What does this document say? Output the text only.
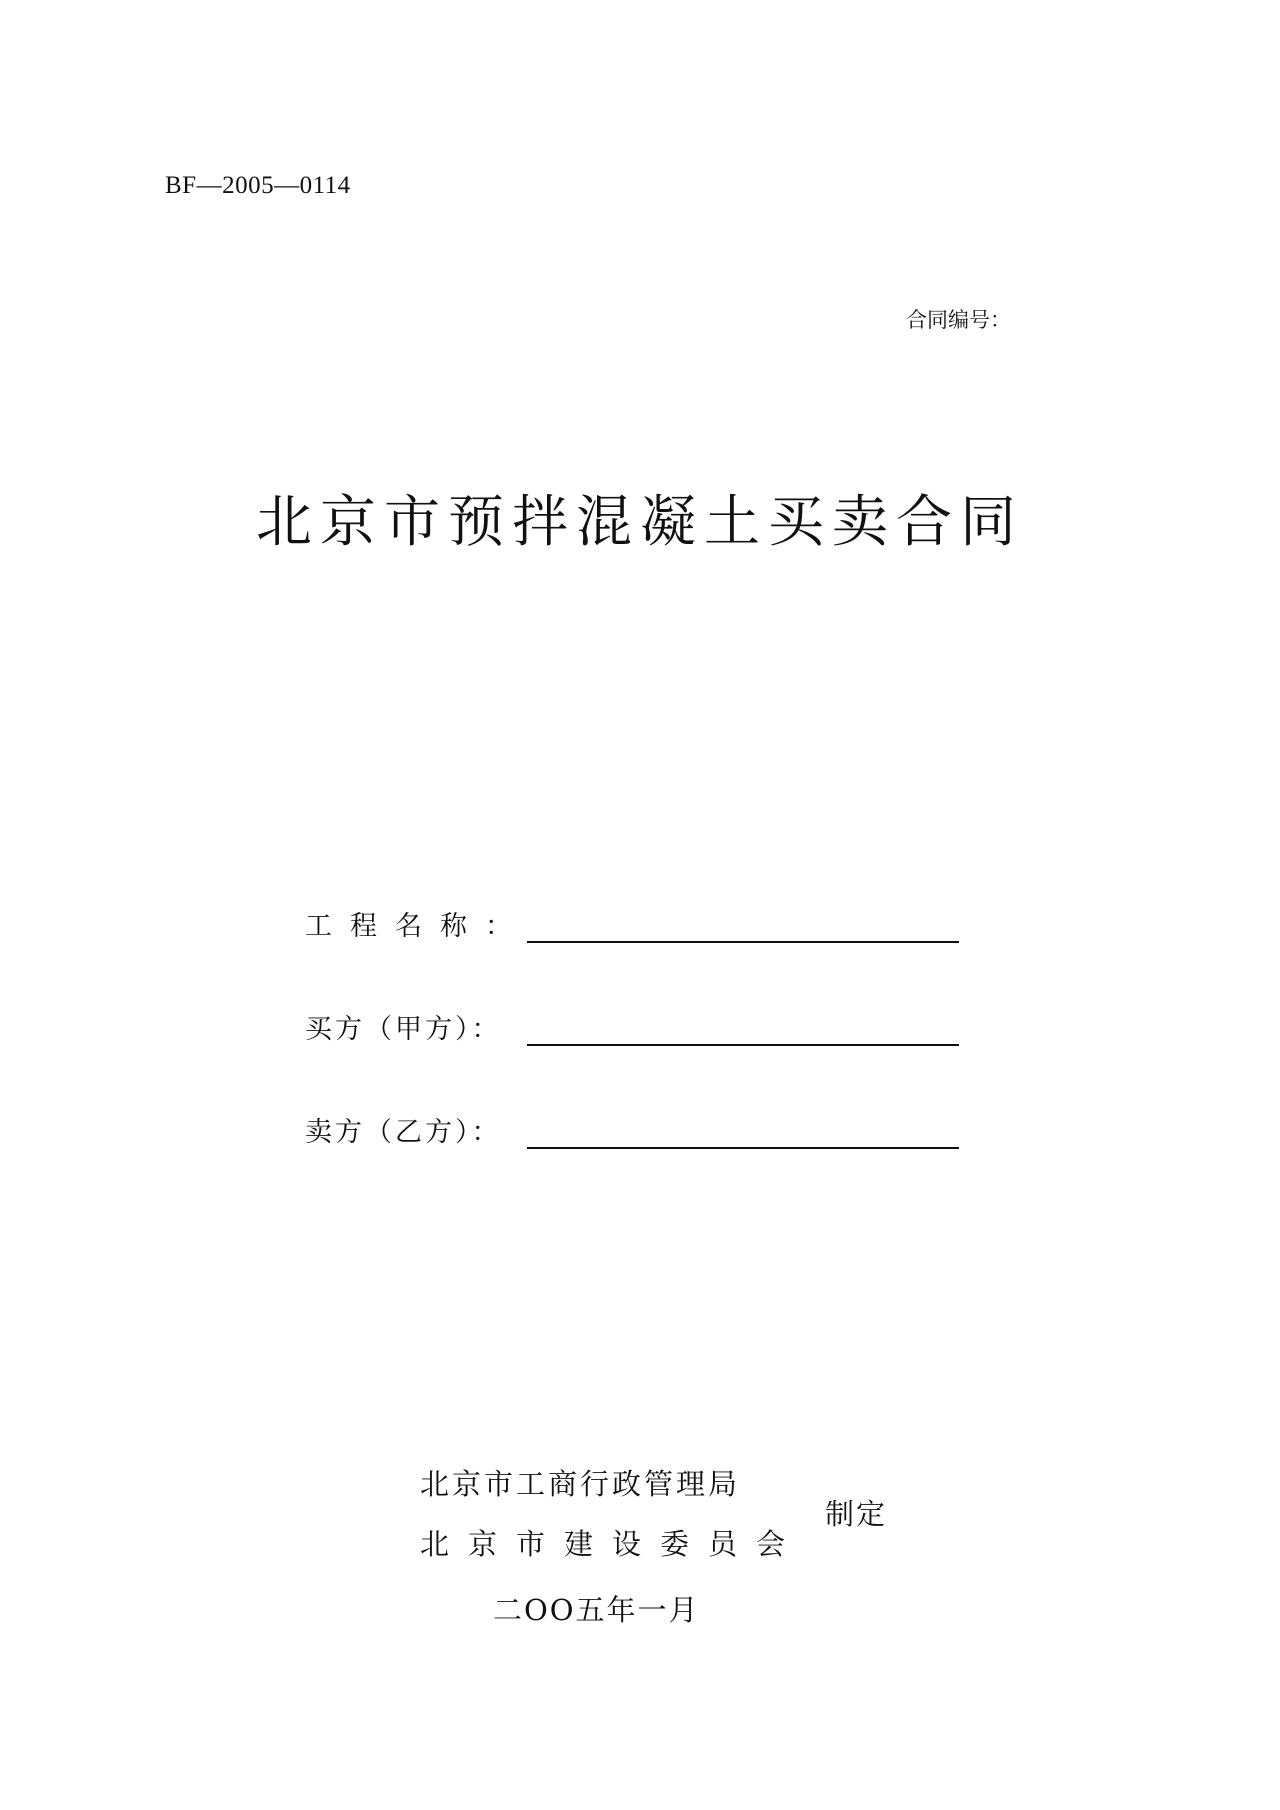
BF—2005—0114
合同编号：
北京市预拌混凝土买卖合同
工程名称：
买方（甲方）：
卖方（乙方）：
北京市工商行政管理局
北京市建设委员会
制定
二OO五年一月
